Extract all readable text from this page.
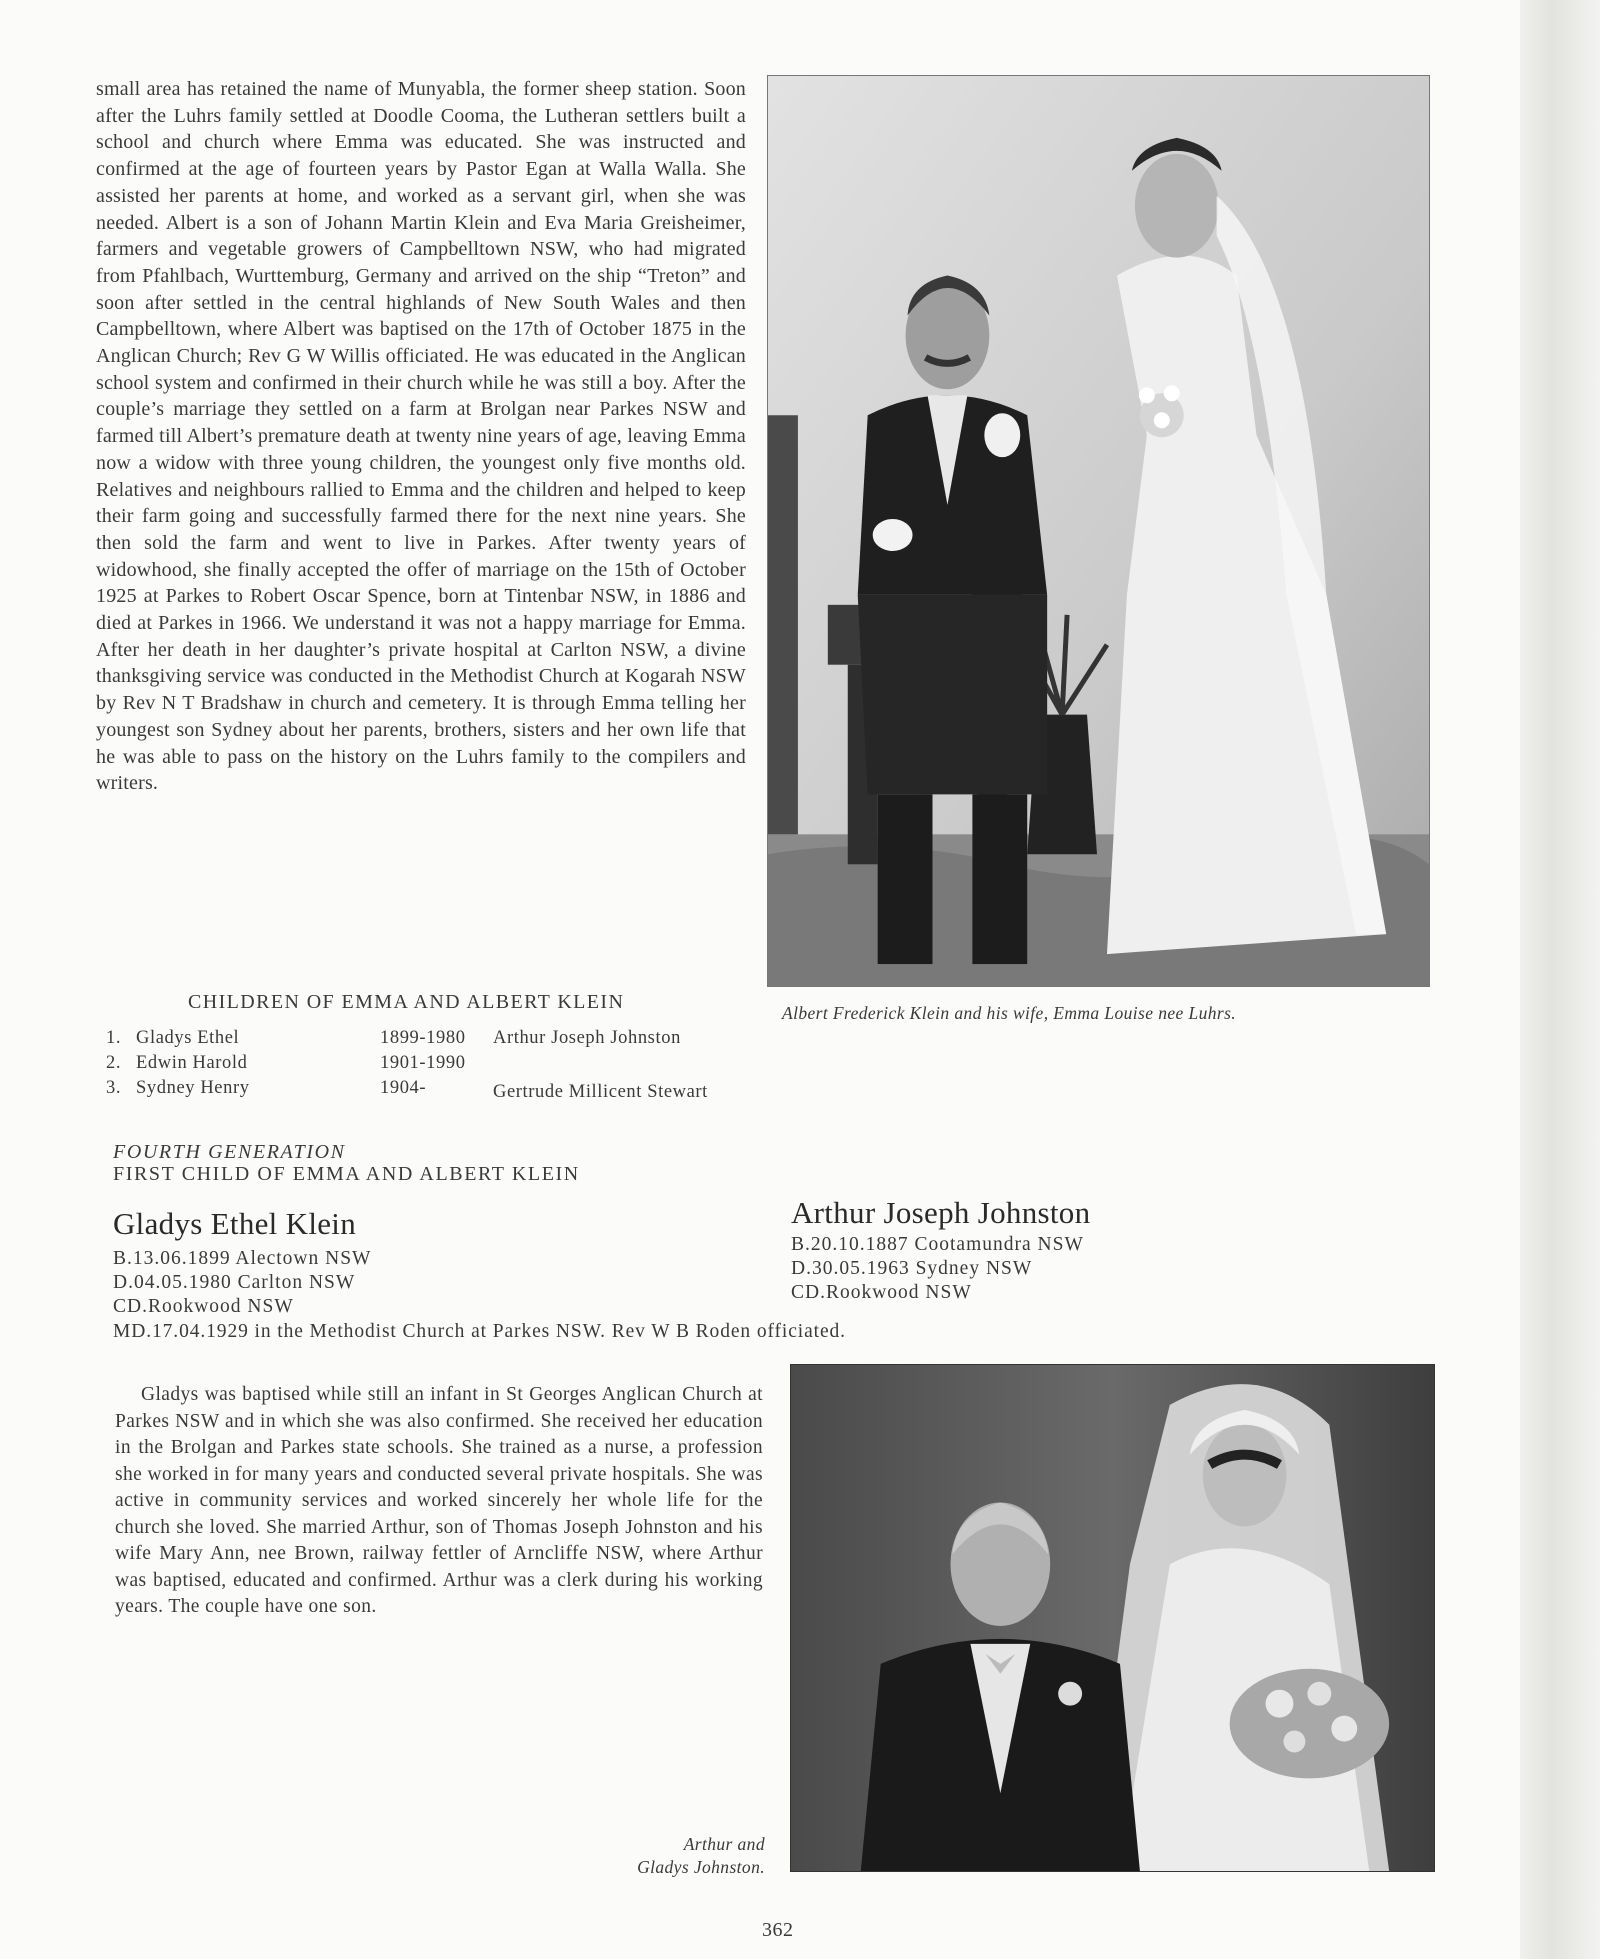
small area has retained the name of Munyabla, the former sheep station. Soon after the Luhrs family settled at Doodle Cooma, the Lutheran settlers built a school and church where Emma was educated. She was instructed and confirmed at the age of fourteen years by Pastor Egan at Walla Walla. She assisted her parents at home, and worked as a servant girl, when she was needed. Albert is a son of Johann Martin Klein and Eva Maria Greisheimer, farmers and vegetable growers of Campbelltown NSW, who had migrated from Pfahlbach, Wurttemburg, Germany and arrived on the ship “Treton” and soon after settled in the central highlands of New South Wales and then Campbelltown, where Albert was baptised on the 17th of October 1875 in the Anglican Church; Rev G W Willis officiated. He was educated in the Anglican school system and confirmed in their church while he was still a boy. After the couple’s marriage they settled on a farm at Brolgan near Parkes NSW and farmed till Albert’s premature death at twenty nine years of age, leaving Emma now a widow with three young children, the youngest only five months old. Relatives and neighbours rallied to Emma and the children and helped to keep their farm going and successfully farmed there for the next nine years. She then sold the farm and went to live in Parkes. After twenty years of widowhood, she finally accepted the offer of marriage on the 15th of October 1925 at Parkes to Robert Oscar Spence, born at Tintenbar NSW, in 1886 and died at Parkes in 1966. We understand it was not a happy marriage for Emma. After her death in her daughter’s private hospital at Carlton NSW, a divine thanksgiving service was conducted in the Methodist Church at Kogarah NSW by Rev N T Bradshaw in church and cemetery. It is through Emma telling her youngest son Sydney about her parents, brothers, sisters and her own life that he was able to pass on the history on the Luhrs family to the compilers and writers.

Albert Frederick Klein and his wife, Emma Louise nee Luhrs.
CHILDREN OF EMMA AND ALBERT KLEIN
1.	Gladys Ethel	1899-1980	Arthur Joseph Johnston
2.	Edwin Harold	1901-1990	
3.	Sydney Henry	1904-	Gertrude Millicent Stewart
FOURTH GENERATION
FIRST CHILD OF EMMA AND ALBERT KLEIN
Gladys Ethel Klein	Arthur Joseph Johnston
B.13.06.1899 Alectown NSW
D.04.05.1980 Carlton NSW
CD.Rookwood NSW
B.20.10.1887 Cootamundra NSW
D.30.05.1963 Sydney NSW
CD.Rookwood NSW
MD.17.04.1929 in the Methodist Church at Parkes NSW. Rev W B Roden officiated.

Gladys was baptised while still an infant in St Georges Anglican Church at Parkes NSW and in which she was also confirmed. She received her education in the Brolgan and Parkes state schools. She trained as a nurse, a profession she worked in for many years and conducted several private hospitals. She was active in community services and worked sincerely her whole life for the church she loved. She married Arthur, son of Thomas Joseph Johnston and his wife Mary Ann, nee Brown, railway fettler of Arncliffe NSW, where Arthur was baptised, educated and confirmed. Arthur was a clerk during his working years. The couple have one son.

Arthur and
Gladys Johnston.
362
